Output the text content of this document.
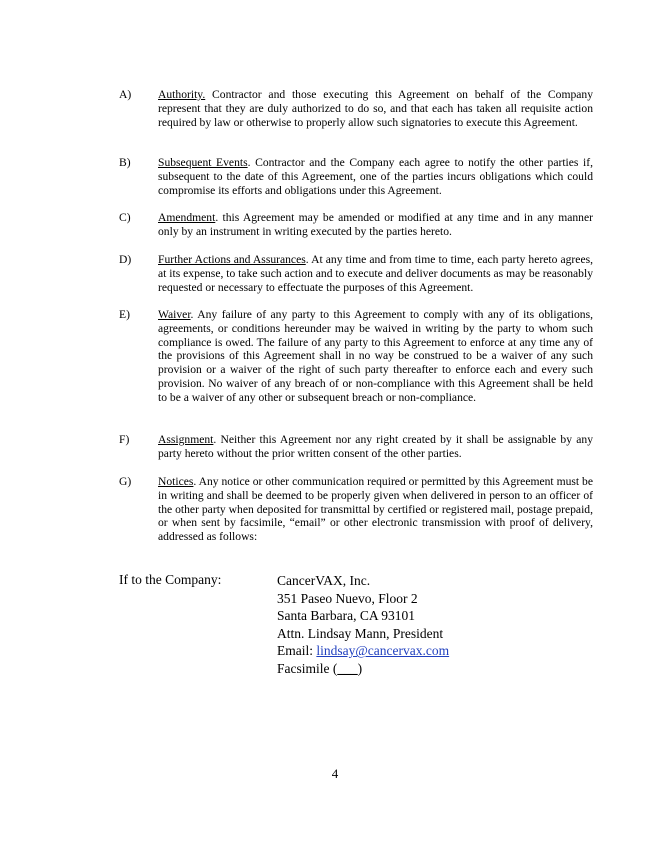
A)	Authority. Contractor and those executing this Agreement on behalf of the Company represent that they are duly authorized to do so, and that each has taken all requisite action required by law or otherwise to properly allow such signatories to execute this Agreement.
B)	Subsequent Events. Contractor and the Company each agree to notify the other parties if, subsequent to the date of this Agreement, one of the parties incurs obligations which could compromise its efforts and obligations under this Agreement.
C)	Amendment. this Agreement may be amended or modified at any time and in any manner only by an instrument in writing executed by the parties hereto.
D)	Further Actions and Assurances. At any time and from time to time, each party hereto agrees, at its expense, to take such action and to execute and deliver documents as may be reasonably requested or necessary to effectuate the purposes of this Agreement.
E)	Waiver. Any failure of any party to this Agreement to comply with any of its obligations, agreements, or conditions hereunder may be waived in writing by the party to whom such compliance is owed. The failure of any party to this Agreement to enforce at any time any of the provisions of this Agreement shall in no way be construed to be a waiver of any such provision or a waiver of the right of such party thereafter to enforce each and every such provision. No waiver of any breach of or non-compliance with this Agreement shall be held to be a waiver of any other or subsequent breach or non-compliance.
F)	Assignment. Neither this Agreement nor any right created by it shall be assignable by any party hereto without the prior written consent of the other parties.
G)	Notices. Any notice or other communication required or permitted by this Agreement must be in writing and shall be deemed to be properly given when delivered in person to an officer of the other party when deposited for transmittal by certified or registered mail, postage prepaid, or when sent by facsimile, “email” or other electronic transmission with proof of delivery, addressed as follows:
If to the Company:	CancerVAX, Inc.
351 Paseo Nuevo, Floor 2
Santa Barbara, CA 93101
Attn. Lindsay Mann, President
Email: lindsay@cancervax.com
Facsimile (___)
4
